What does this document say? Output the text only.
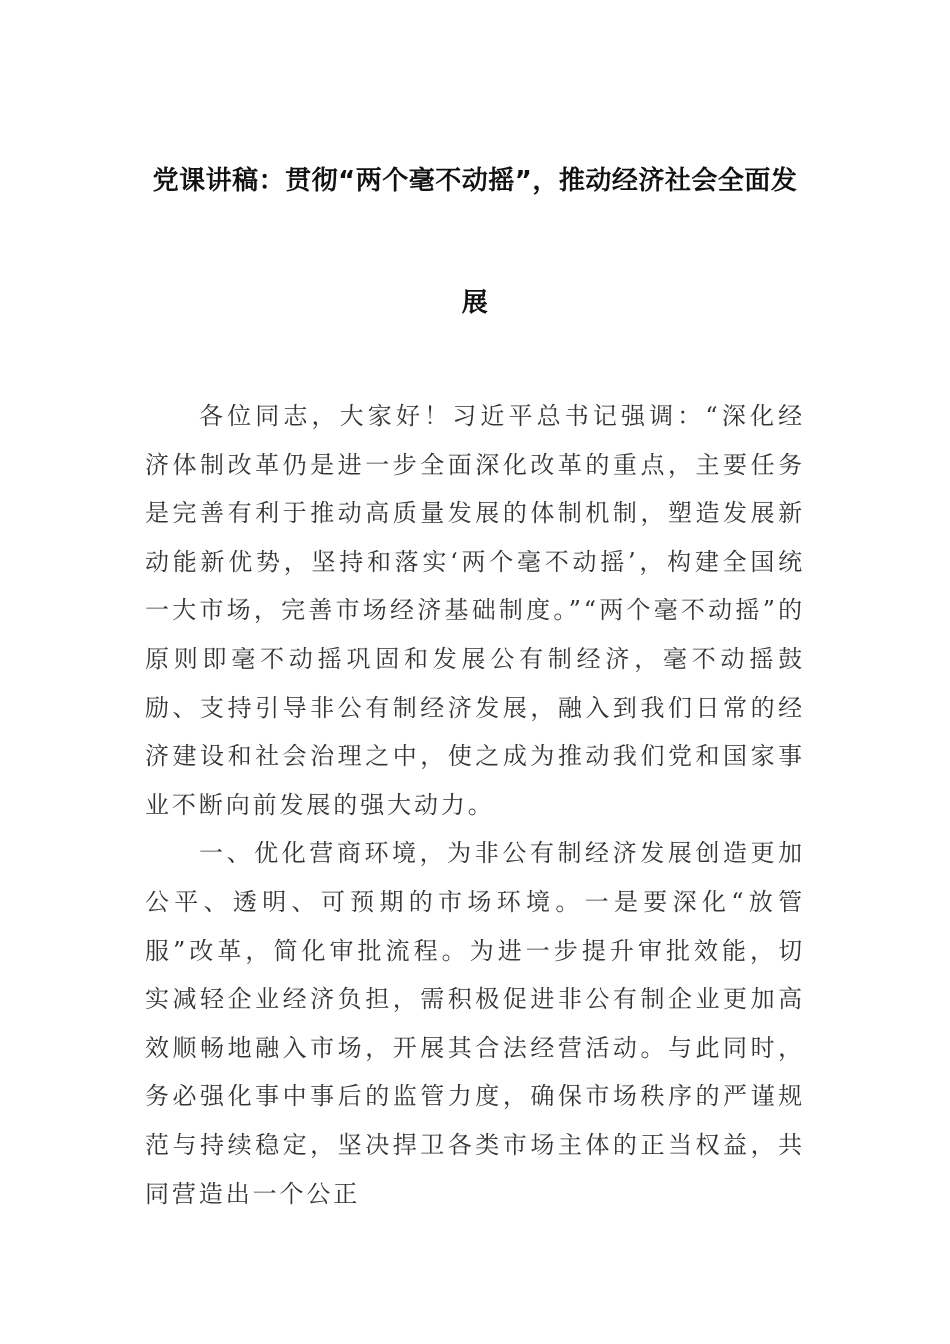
党课讲稿：贯彻“两个毫不动摇”，推动经济社会全面发
展

各位同志，大家好！习近平总书记强调：“深化经济体制改革仍是进一步全面深化改革的重点，主要任务是完善有利于推动高质量发展的体制机制，塑造发展新动能新优势，坚持和落实‘两个毫不动摇’，构建全国统一大市场，完善市场经济基础制度。”“两个毫不动摇”的原则即毫不动摇巩固和发展公有制经济，毫不动摇鼓励、支持引导非公有制经济发展，融入到我们日常的经济建设和社会治理之中，使之成为推动我们党和国家事业不断向前发展的强大动力。

一、优化营商环境，为非公有制经济发展创造更加公平、透明、可预期的市场环境。一是要深化“放管服”改革，简化审批流程。为进一步提升审批效能，切实减轻企业经济负担，需积极促进非公有制企业更加高效顺畅地融入市场，开展其合法经营活动。与此同时，务必强化事中事后的监管力度，确保市场秩序的严谨规范与持续稳定，坚决捍卫各类市场主体的正当权益，共同营造出一个公正
